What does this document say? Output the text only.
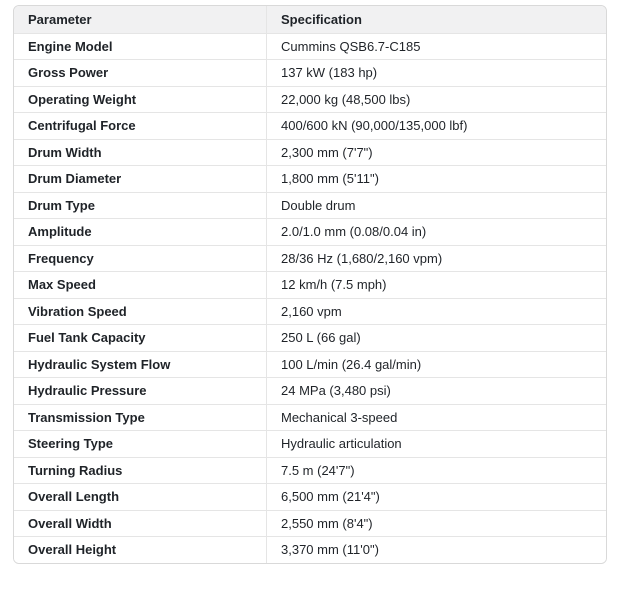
Parameter	Specification
Engine Model	Cummins QSB6.7-C185
Gross Power	137 kW (183 hp)
Operating Weight	22,000 kg (48,500 lbs)
Centrifugal Force	400/600 kN (90,000/135,000 lbf)
Drum Width	2,300 mm (7'7")
Drum Diameter	1,800 mm (5'11")
Drum Type	Double drum
Amplitude	2.0/1.0 mm (0.08/0.04 in)
Frequency	28/36 Hz (1,680/2,160 vpm)
Max Speed	12 km/h (7.5 mph)
Vibration Speed	2,160 vpm
Fuel Tank Capacity	250 L (66 gal)
Hydraulic System Flow	100 L/min (26.4 gal/min)
Hydraulic Pressure	24 MPa (3,480 psi)
Transmission Type	Mechanical 3-speed
Steering Type	Hydraulic articulation
Turning Radius	7.5 m (24'7")
Overall Length	6,500 mm (21'4")
Overall Width	2,550 mm (8'4")
Overall Height	3,370 mm (11'0")
